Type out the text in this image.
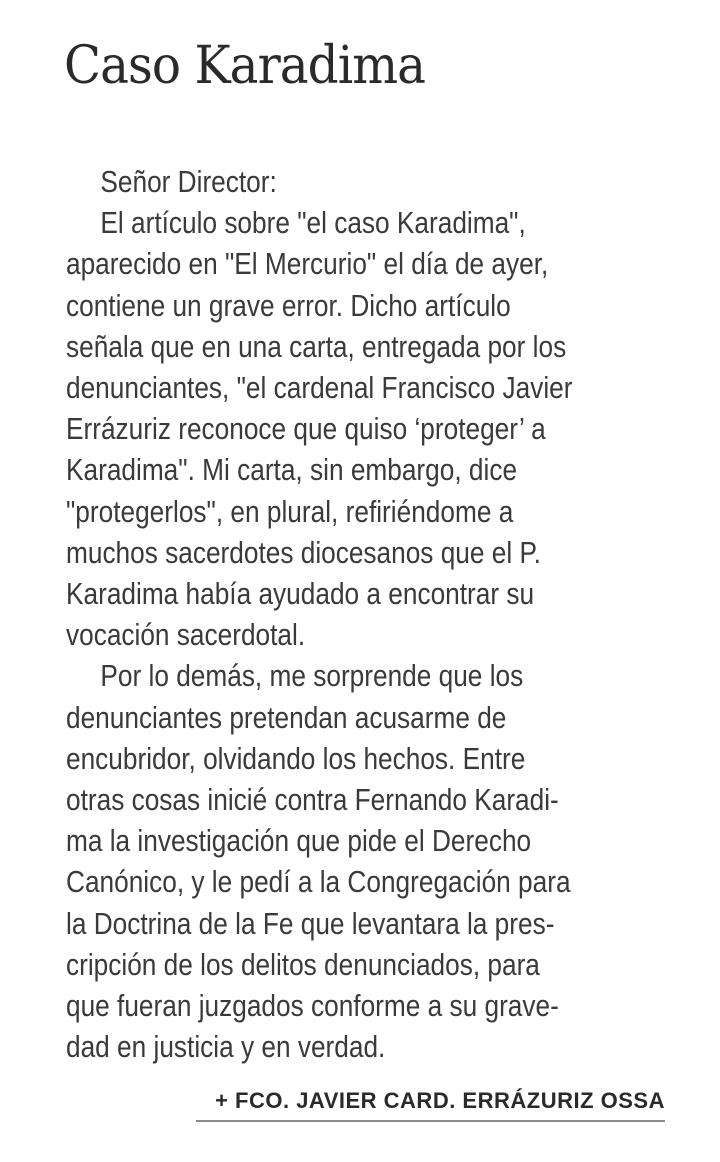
Caso Karadima
Señor Director:
El artículo sobre "el caso Karadima",
aparecido en "El Mercurio" el día de ayer,
contiene un grave error. Dicho artículo
señala que en una carta, entregada por los
denunciantes, "el cardenal Francisco Javier
Errázuriz reconoce que quiso ‘proteger’ a
Karadima". Mi carta, sin embargo, dice
"protegerlos", en plural, refiriéndome a
muchos sacerdotes diocesanos que el P.
Karadima había ayudado a encontrar su
vocación sacerdotal.
Por lo demás, me sorprende que los
denunciantes pretendan acusarme de
encubridor, olvidando los hechos. Entre
otras cosas inicié contra Fernando Karadi-
ma la investigación que pide el Derecho
Canónico, y le pedí a la Congregación para
la Doctrina de la Fe que levantara la pres-
cripción de los delitos denunciados, para
que fueran juzgados conforme a su grave-
dad en justicia y en verdad.
+ FCO. JAVIER CARD. ERRÁZURIZ OSSA
